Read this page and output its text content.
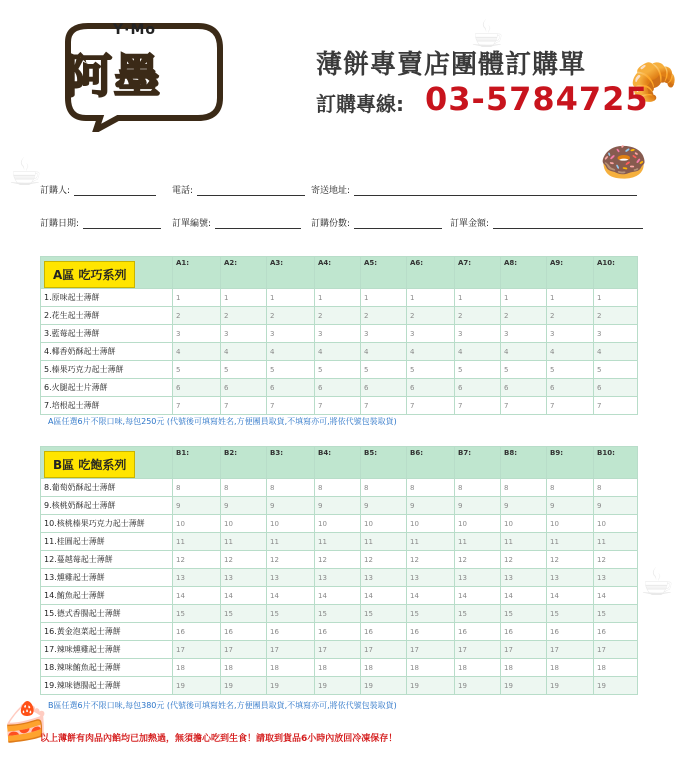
☕	🍩
☕
🥐
🍰
☕
Y·Mo
阿墨	薄餅專賣店團體訂購單
訂購專線: 03-5784725
訂購人:	電話:	寄送地址:
訂購日期:	訂單編號:	訂購份數:	訂單金額:
A區 吃巧系列	A1:	A2:	A3:	A4:	A5:	A6:	A7:	A8:	A9:	A10:
1.原味起士薄餅	1	1	1	1	1	1	1	1	1	1
2.花生起士薄餅	2	2	2	2	2	2	2	2	2	2
3.藍莓起士薄餅	3	3	3	3	3	3	3	3	3	3
4.椰香奶酥起士薄餅	4	4	4	4	4	4	4	4	4	4
5.榛果巧克力起士薄餅	5	5	5	5	5	5	5	5	5	5
6.火腿起士片薄餅	6	6	6	6	6	6	6	6	6	6
7.培根起士薄餅	7	7	7	7	7	7	7	7	7	7
A區任選6片不限口味,每包250元 (代號後可填寫姓名,方便團員取貨,不填寫亦可,將依代號包裝取貨)
B區 吃飽系列	B1:	B2:	B3:	B4:	B5:	B6:	B7:	B8:	B9:	B10:
8.葡萄奶酥起士薄餅	8	8	8	8	8	8	8	8	8	8
9.核桃奶酥起士薄餅	9	9	9	9	9	9	9	9	9	9
10.核桃榛果巧克力起士薄餅	10	10	10	10	10	10	10	10	10	10
11.桂圓起士薄餅	11	11	11	11	11	11	11	11	11	11
12.蔓越莓起士薄餅	12	12	12	12	12	12	12	12	12	12
13.燻雞起士薄餅	13	13	13	13	13	13	13	13	13	13
14.鮪魚起士薄餅	14	14	14	14	14	14	14	14	14	14
15.德式香腸起士薄餅	15	15	15	15	15	15	15	15	15	15
16.黃金泡菜起士薄餅	16	16	16	16	16	16	16	16	16	16
17.辣味燻雞起士薄餅	17	17	17	17	17	17	17	17	17	17
18.辣味鮪魚起士薄餅	18	18	18	18	18	18	18	18	18	18
19.辣味德腸起士薄餅	19	19	19	19	19	19	19	19	19	19
B區任選6片不限口味,每包380元 (代號後可填寫姓名,方便團員取貨,不填寫亦可,將依代號包裝取貨)
以上薄餅有肉品內餡均已加熱過，無須擔心吃到生食！請取到貨品6小時內放回冷凍保存！
